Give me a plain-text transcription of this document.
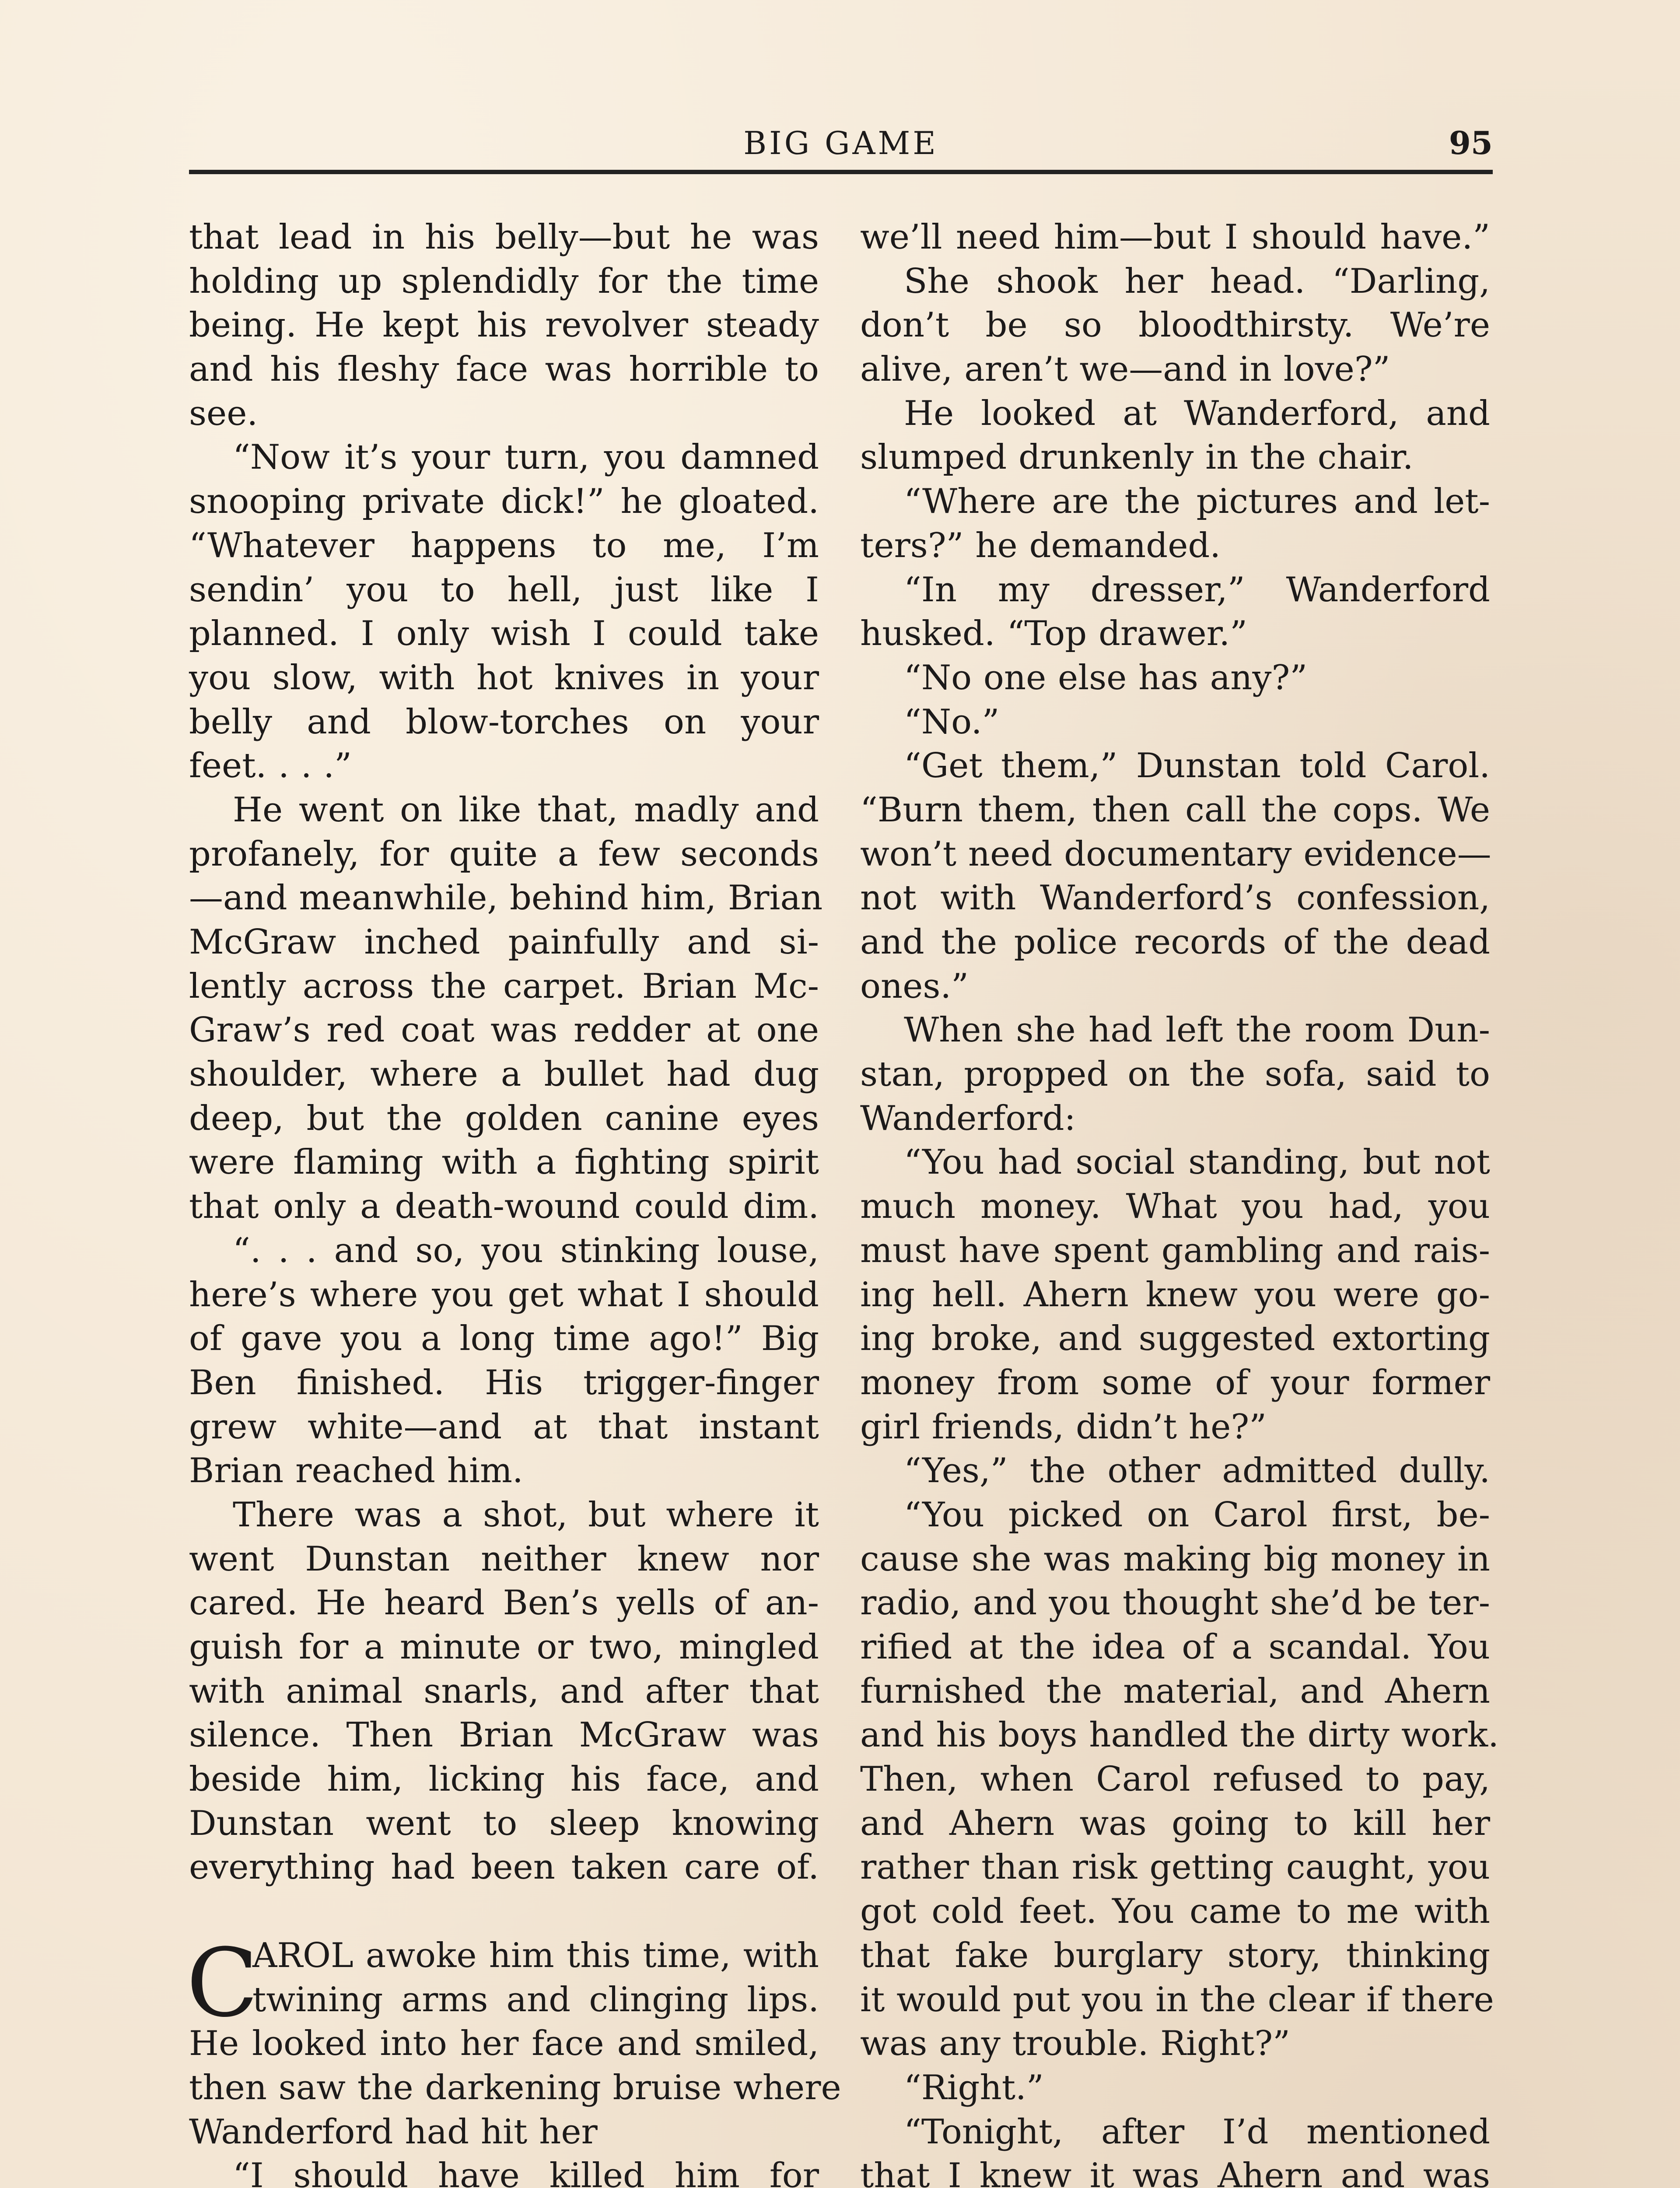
BIG GAME	95
that lead in his belly—but he was
holding up splendidly for the time
being. He kept his revolver steady
and his fleshy face was horrible to
see.
“Now it’s your turn, you damned
snooping private dick!” he gloated.
“Whatever happens to me, I’m
sendin’ you to hell, just like I
planned. I only wish I could take
you slow, with hot knives in your
belly and blow-torches on your
feet. . . .”
He went on like that, madly and
profanely, for quite a few seconds
—and meanwhile, behind him, Brian
McGraw inched painfully and si-
lently across the carpet. Brian Mc-
Graw’s red coat was redder at one
shoulder, where a bullet had dug
deep, but the golden canine eyes
were flaming with a fighting spirit
that only a death-wound could dim.
“. . . and so, you stinking louse,
here’s where you get what I should
of gave you a long time ago!” Big
Ben finished. His trigger-finger
grew white—and at that instant
Brian reached him.
There was a shot, but where it
went Dunstan neither knew nor
cared. He heard Ben’s yells of an-
guish for a minute or two, mingled
with animal snarls, and after that
silence. Then Brian McGraw was
beside him, licking his face, and
Dunstan went to sleep knowing
everything had been taken care of.
C
AROL awoke him this time, with
twining arms and clinging lips.
He looked into her face and smiled,
then saw the darkening bruise where
Wanderford had hit her
“I should have killed him for
we’ll need him—but I should have.”
She shook her head. “Darling,
don’t be so bloodthirsty. We’re
alive, aren’t we—and in love?”
He looked at Wanderford, and
slumped drunkenly in the chair.
“Where are the pictures and let-
ters?” he demanded.
“In my dresser,” Wanderford
husked. “Top drawer.”
“No one else has any?”
“No.”
“Get them,” Dunstan told Carol.
“Burn them, then call the cops. We
won’t need documentary evidence—
not with Wanderford’s confession,
and the police records of the dead
ones.”
When she had left the room Dun-
stan, propped on the sofa, said to
Wanderford:
“You had social standing, but not
much money. What you had, you
must have spent gambling and rais-
ing hell. Ahern knew you were go-
ing broke, and suggested extorting
money from some of your former
girl friends, didn’t he?”
“Yes,” the other admitted dully.
“You picked on Carol first, be-
cause she was making big money in
radio, and you thought she’d be ter-
rified at the idea of a scandal. You
furnished the material, and Ahern
and his boys handled the dirty work.
Then, when Carol refused to pay,
and Ahern was going to kill her
rather than risk getting caught, you
got cold feet. You came to me with
that fake burglary story, thinking
it would put you in the clear if there
was any trouble. Right?”
“Right.”
“Tonight, after I’d mentioned
that I knew it was Ahern and was
